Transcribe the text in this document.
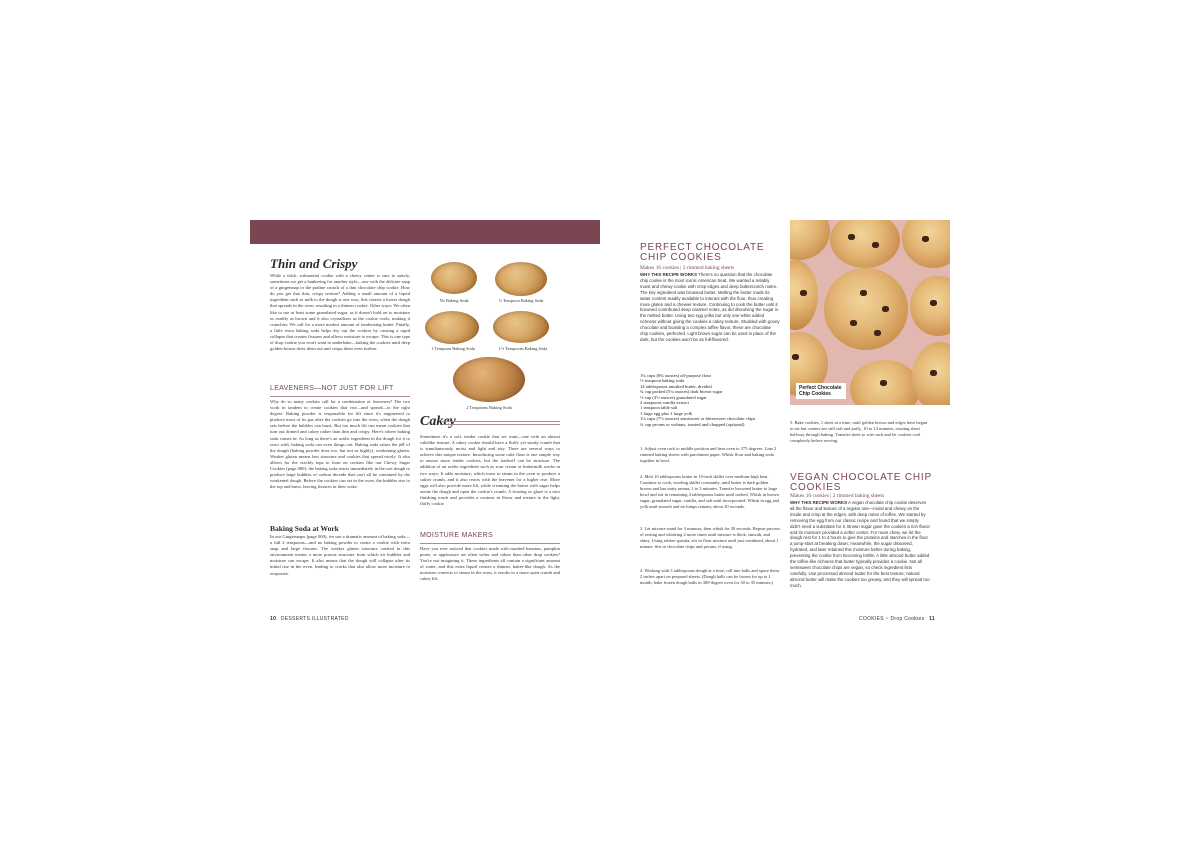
Thin and Crispy
While a thick, substantial cookie with a chewy center is sure to satisfy, sometimes we get a hankering for another style—one with the delicate snap of a gingersnap or the praline crunch of a thin chocolate chip cookie. How do you get that thin, crispy texture? Adding a small amount of a liquid ingredient such as milk to the dough is one way; this creates a looser dough that spreads in the oven, resulting in a thinner cookie. Other ways: We often like to use at least some granulated sugar, as it doesn't hold on to moisture as readily as brown and it also crystallizes as the cookie cools, making it crunchier. We call for a more modest amount of tenderizing butter. Finally, a little extra baking soda helps dry out the cookies by causing a rapid collapse that creates fissures and allows moisture to escape. This is one type of drop cookie you won't want to underbake—baking the cookies until deep golden brown dries them out and crisps them even further.
LEAVENERS—NOT JUST FOR LIFT
Why do so many cookies call for a combination of leaveners? The two work in tandem to create cookies that rise—and spread—to the right degree. Baking powder is responsible for lift since it's engineered to produce most of its gas after the cookies go into the oven, when the dough sets before the bubbles can burst. But too much lift can mean cookies that turn out domed and cakey rather than thin and crispy. Here's where baking soda comes in: As long as there's an acidic ingredient in the dough for it to react with, baking soda can even things out. Baking soda raises the pH of the dough (baking powder does too, but not as highly), weakening gluten. Weaker gluten means less structure and cookies that spread nicely. It also allows for the crackly tops to form on cookies like our Chewy Sugar Cookies (page 000): the baking soda reacts immediately in the wet dough to produce large bubbles of carbon dioxide that can't all be contained by the weakened dough. Before the cookies can set in the oven, the bubbles rise to the top and burst, leaving fissures in their wake.
Baking Soda at Work
In our Gingersnaps (page 000), we use a dramatic amount of baking soda—a full 2 teaspoons—and no baking powder to create a cookie with extra snap and large fissures. The weaker gluten structure created in this environment means a more porous structure from which air bubbles and moisture can escape. It also means that the dough will collapse after its initial rise in the oven, leading to cracks that also allow more moisture to evaporate.
No Baking Soda	½ Teaspoon Baking Soda
1 Teaspoon Baking Soda	1½ Teaspoons Baking Soda
2 Teaspoons Baking Soda
Cakey
Sometimes it's a soft, tender cookie that we want—one with an almost cakelike texture. A cakey cookie should have a fluffy yet sturdy crumb that is simultaneously moist and light and airy. There are several ways to achieve this unique texture. Introducing some cake flour is one simple way to ensure more tender cookies, but the tradeoff can be structure. The addition of an acidic ingredient such as sour cream or buttermilk works in two ways: It adds moisture, which turns to steam in the oven to produce a cakier crumb, and it also reacts with the leavener for a higher rise. More eggs will also provide more lift, while creaming the butter with sugar helps aerate the dough and open the cookie's crumb. A frosting or glaze is a nice finishing touch and provides a contrast in flavor and texture to the light, fluffy cookie.
MOISTURE MAKERS
Have you ever noticed that cookies made with mashed bananas, pumpkin puree, or applesauce are often softer and cakier than other drop cookies? You're not imagining it. These ingredients all contain a significant amount of water, and this extra liquid creates a thinner, batter-like dough. As the moisture converts to steam in the oven, it results in a more open crumb and cakey lift.
10 DESSERTS ILLUSTRATED
PERFECT CHOCOLATE
CHIP COOKIES
Makes 16 cookies | 2 rimmed baking sheets
WHY THIS RECIPE WORKS There's no question that the chocolate chip cookie is the most iconic American treat. We wanted a reliably moist and chewy cookie with crisp edges and deep butterscotch notes. The key ingredient was browned butter. Melting the butter made its water content readily available to interact with the flour, thus creating more gluten and a chewier texture. Continuing to cook the butter until it browned contributed deep caramel notes, as did dissolving the sugar in the melted butter. Using two egg yolks but only one white added richness without giving the cookies a cakey texture. Studded with gooey chocolate and boasting a complex toffee flavor, these are chocolate chip cookies, perfected. Light brown sugar can be used in place of the dark, but the cookies won't be as full-flavored.
1¾ cups (8¾ ounces) all-purpose flour
½ teaspoon baking soda
14 tablespoons unsalted butter, divided
¾ cup packed (5¼ ounces) dark brown sugar
½ cup (3½ ounces) granulated sugar
2 teaspoons vanilla extract
1 teaspoon table salt
1 large egg plus 1 large yolk
1¼ cups (7½ ounces) semisweet or bittersweet chocolate chips
¾ cup pecans or walnuts, toasted and chopped (optional)
1. Adjust oven rack to middle position and heat oven to 375 degrees. Line 2 rimmed baking sheets with parchment paper. Whisk flour and baking soda together in bowl.
2. Melt 10 tablespoons butter in 10-inch skillet over medium-high heat. Continue to cook, swirling skillet constantly, until butter is dark golden brown and has nutty aroma, 1 to 3 minutes. Transfer browned butter to large bowl and stir in remaining 4 tablespoons butter until melted. Whisk in brown sugar, granulated sugar, vanilla, and salt until incorporated. Whisk in egg and yolk until smooth and no lumps remain, about 30 seconds.
3. Let mixture stand for 3 minutes, then whisk for 30 seconds. Repeat process of resting and whisking 2 more times until mixture is thick, smooth, and shiny. Using rubber spatula, stir in flour mixture until just combined, about 1 minute. Stir in chocolate chips and pecans, if using.
4. Working with 3 tablespoons dough at a time, roll into balls and space them 2 inches apart on prepared sheets. (Dough balls can be frozen for up to 1 month; bake frozen dough balls in 300-degree oven for 30 to 35 minutes.)
Perfect Chocolate Chip Cookies
5. Bake cookies, 1 sheet at a time, until golden brown and edges have begun to set but centers are still soft and puffy, 10 to 14 minutes, rotating sheet halfway through baking. Transfer sheet to wire rack and let cookies cool completely before serving.
VEGAN CHOCOLATE CHIP
COOKIES
Makes 16 cookies | 2 rimmed baking sheets
WHY THIS RECIPE WORKS A vegan chocolate chip cookie deserves all the flavor and texture of a regular one—moist and chewy on the inside and crisp at the edges, with deep notes of toffee. We started by removing the egg from our classic recipe and found that we simply didn't need a substitute for it. Brown sugar gave the cookies a rich flavor and its moisture provided a softer center. For more chew, we let the dough rest for 1 to 4 hours to give the proteins and starches in the flour a jump-start at breaking down; meanwhile, the sugar dissolved, hydrated, and later retained this moisture better during baking, preventing the cookie from becoming brittle. A little almond butter added the toffee-like richness that butter typically provides a cookie. Not all semisweet chocolate chips are vegan, so check ingredient lists carefully. Use processed almond butter for the best texture; natural almond butter will make the cookies too greasy, and they will spread too much.
COOKIES ~ Drop Cookies 11
